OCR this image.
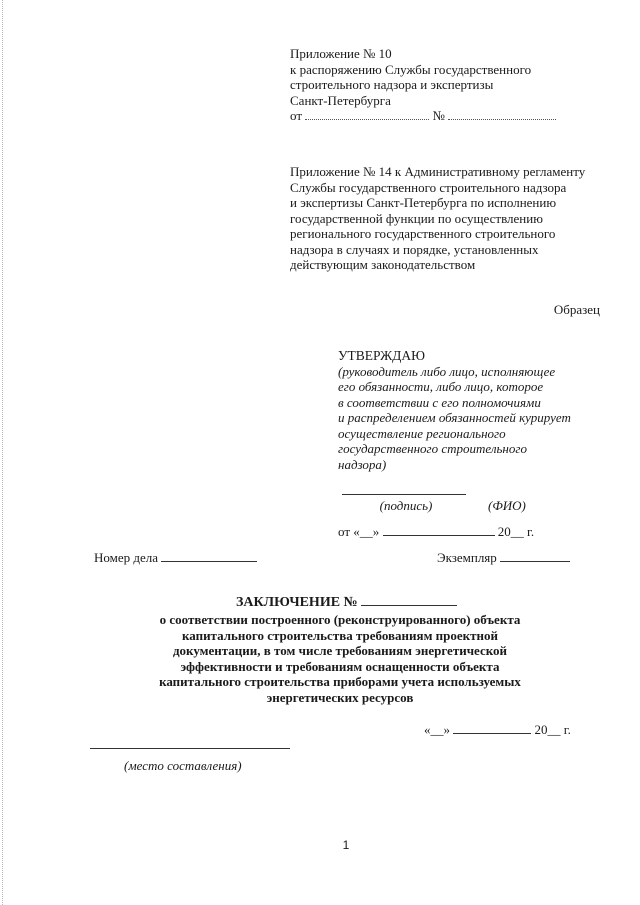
Приложение № 10
к распоряжению Службы государственного
строительного надзора и экспертизы
Санкт-Петербурга
от	№
Приложение № 14 к Административному регламенту
Службы государственного строительного надзора
и экспертизы Санкт-Петербурга по исполнению
государственной функции по осуществлению
регионального государственного строительного
надзора в случаях и порядке, установленных
действующим законодательством
Образец
УТВЕРЖДАЮ
(руководитель либо лицо, исполняющее
его обязанности, либо лицо, которое
в соответствии с его полномочиями
и распределением обязанностей курирует
осуществление регионального
государственного строительного
надзора)
(подпись)	(ФИО)
от «__»	20__ г.
Номер дела	Экземпляр
ЗАКЛЮЧЕНИЕ №
о соответствии построенного (реконструированного) объекта
капитального строительства требованиям проектной
документации, в том числе требованиям энергетической
эффективности и требованиям оснащенности объекта
капитального строительства приборами учета используемых
энергетических ресурсов
«__»	20__ г.
(место составления)
1
